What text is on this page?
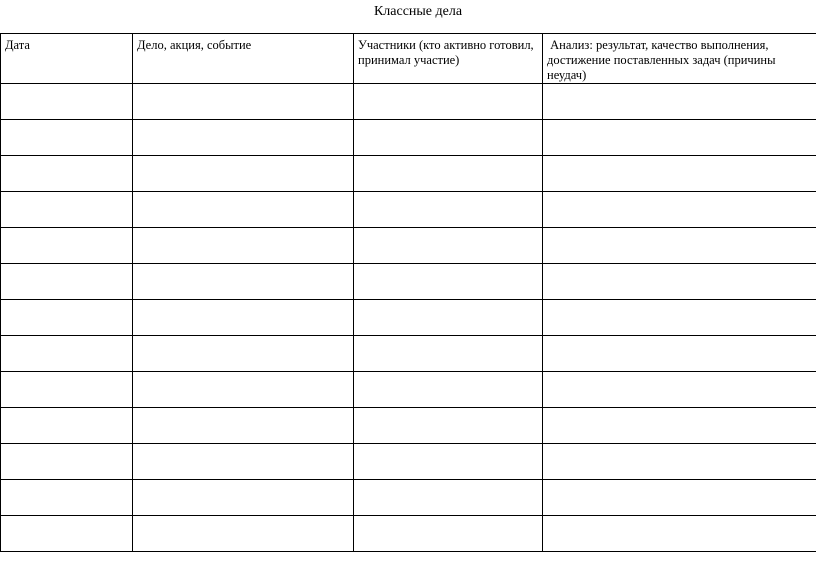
Классные дела
Дата	Дело, акция, событие	Участники (кто активно готовил, принимал участие)	Анализ: результат, качество выполнения, достижение поставленных задач (причины неудач)
